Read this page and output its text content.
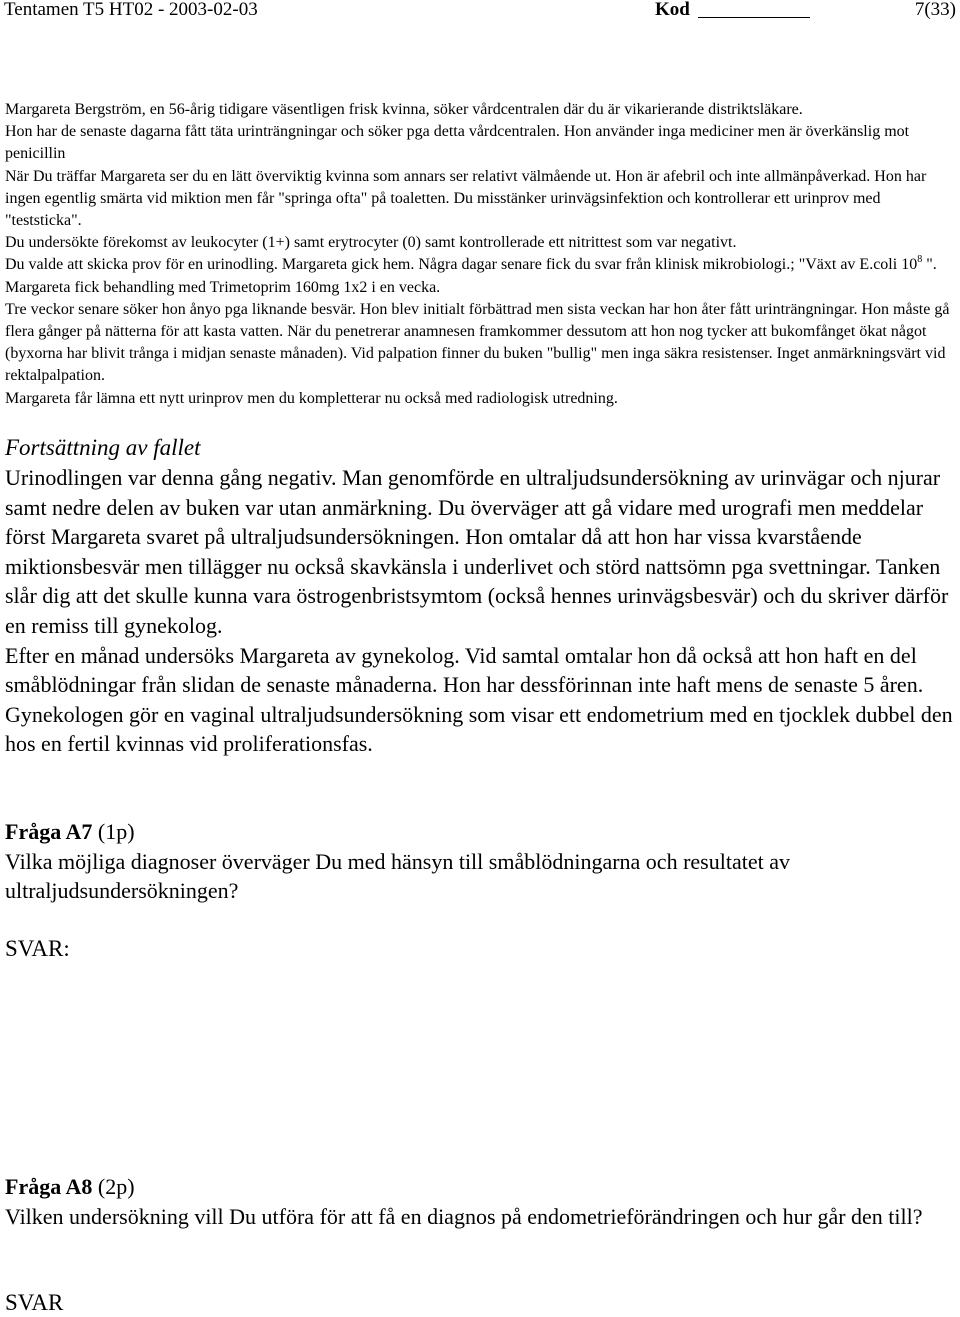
Tentamen T5 HT02 - 2003-02-03	Kod	7(33)

Margareta Bergström, en 56-årig tidigare väsentligen frisk kvinna, söker vårdcentralen där du är vikarierande distriktsläkare.

Hon har de senaste dagarna fått täta urinträngningar och söker pga detta vårdcentralen. Hon använder inga mediciner men är överkänslig mot penicillin

När Du träffar Margareta ser du en lätt överviktig kvinna som annars ser relativt välmående ut. Hon är afebril och inte allmänpåverkad. Hon har ingen egentlig smärta vid miktion men får "springa ofta" på toaletten. Du misstänker urinvägsinfektion och kontrollerar ett urinprov med "teststicka".

Du undersökte förekomst av leukocyter (1+) samt erytrocyter (0) samt kontrollerade ett nitrittest som var negativt.

Du valde att skicka prov för en urinodling. Margareta gick hem. Några dagar senare fick du svar från klinisk mikrobiologi.; "Växt av E.coli $10^8$ ". Margareta fick behandling med Trimetoprim 160mg 1x2 i en vecka.

Tre veckor senare söker hon ånyo pga liknande besvär. Hon blev initialt förbättrad men sista veckan har hon åter fått urinträngningar. Hon måste gå flera gånger på nätterna för att kasta vatten. När du penetrerar anamnesen framkommer dessutom att hon nog tycker att bukomfånget ökat något (byxorna har blivit trånga i midjan senaste månaden). Vid palpation finner du buken "bullig" men inga säkra resistenser. Inget anmärkningsvärt vid rektalpalpation.

Margareta får lämna ett nytt urinprov men du kompletterar nu också med radiologisk utredning.

Fortsättning av fallet

Urinodlingen var denna gång negativ. Man genomförde en ultraljudsundersökning av urinvägar och njurar samt nedre delen av buken var utan anmärkning. Du överväger att gå vidare med urografi men meddelar först Margareta svaret på ultraljudsundersökningen. Hon omtalar då att hon har vissa kvarstående miktionsbesvär men tillägger nu också skavkänsla i underlivet och störd nattsömn pga svettningar. Tanken slår dig att det skulle kunna vara östrogenbristsymtom (också hennes urinvägsbesvär) och du skriver därför en remiss till gynekolog.

Efter en månad undersöks Margareta av gynekolog. Vid samtal omtalar hon då också att hon haft en del småblödningar från slidan de senaste månaderna. Hon har dessförinnan inte haft mens de senaste 5 åren. Gynekologen gör en vaginal ultraljudsundersökning som visar ett endometrium med en tjocklek dubbel den hos en fertil kvinnas vid proliferationsfas.

Fråga A7 (1p)

Vilka möjliga diagnoser överväger Du med hänsyn till småblödningarna och resultatet av ultraljudsundersökningen?

SVAR:

Fråga A8 (2p)

Vilken undersökning vill Du utföra för att få en diagnos på endometrieförändringen och hur går den till?

SVAR
